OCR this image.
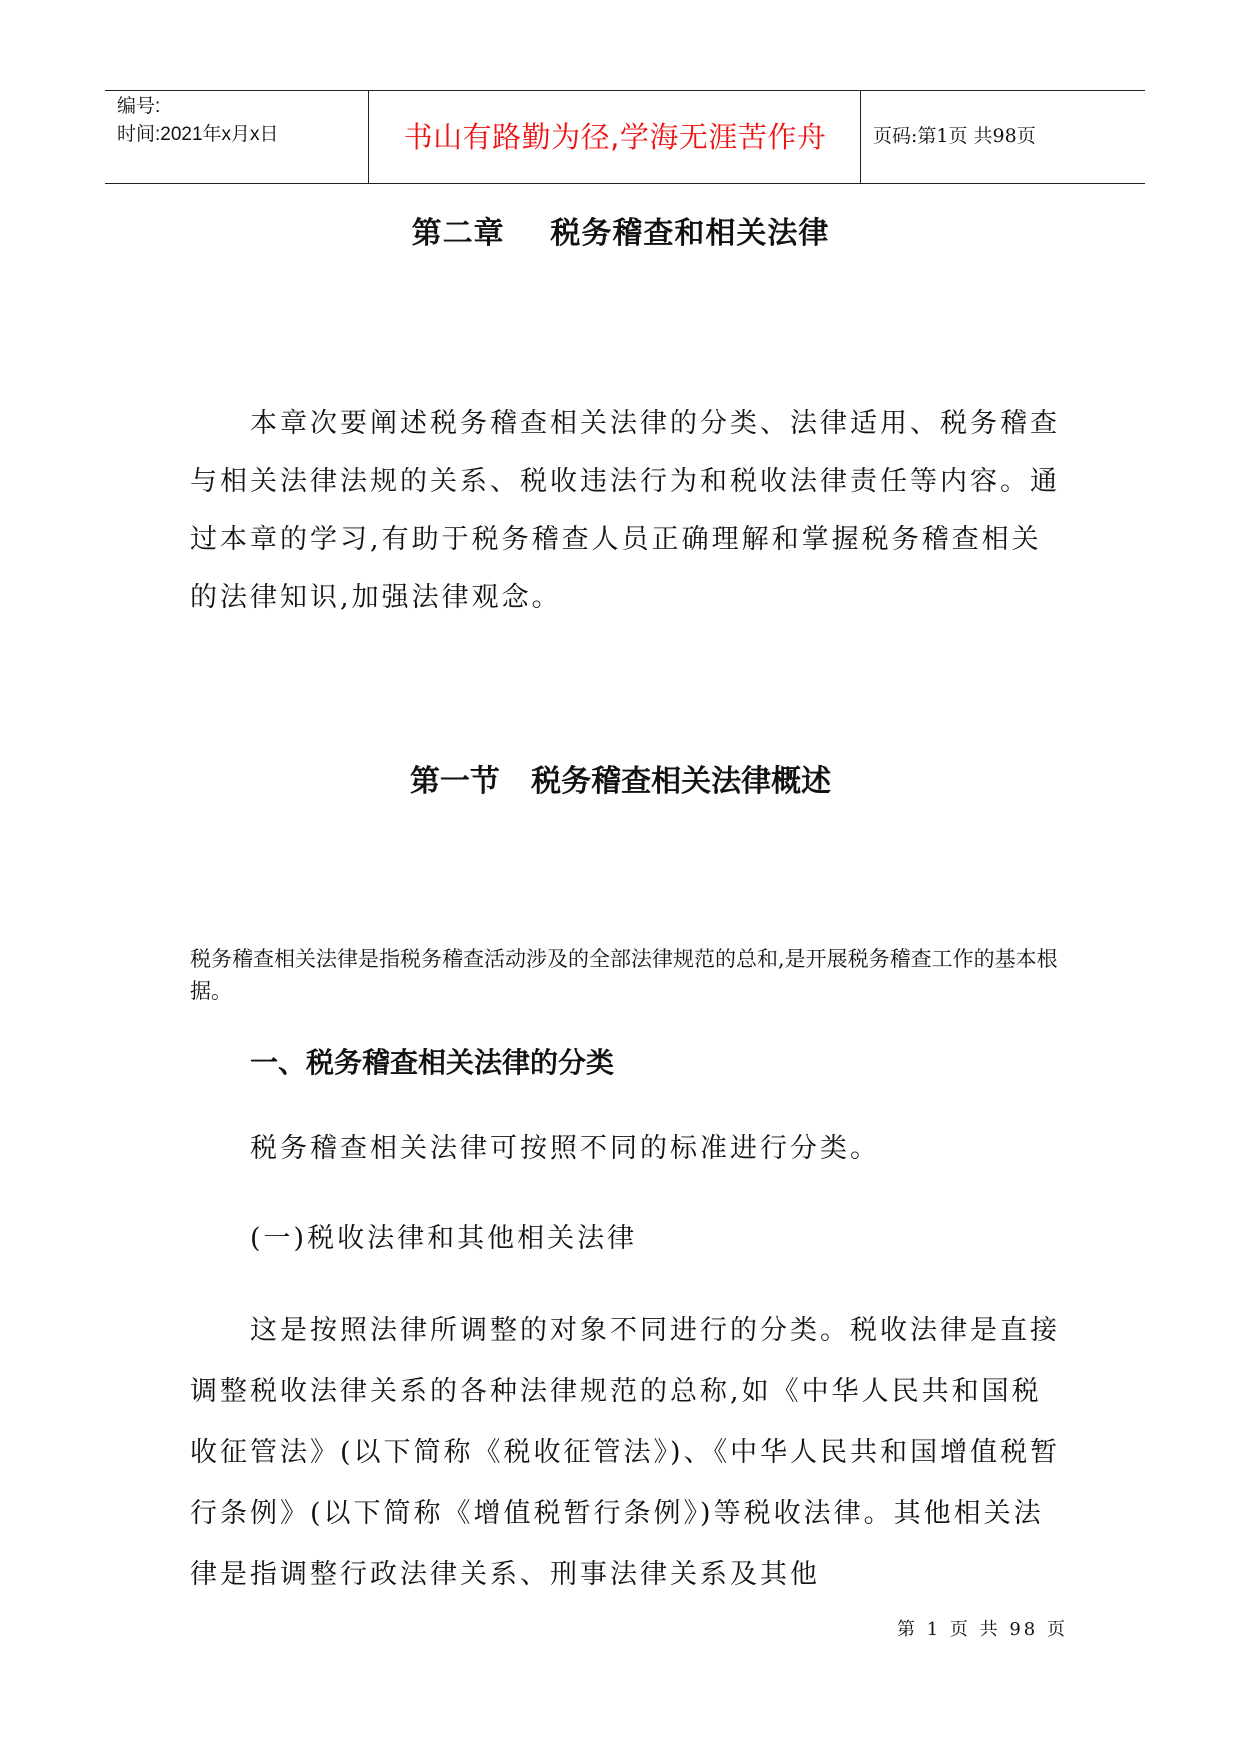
编号:
时间:2021年x月x日	书山有路勤为径,学海无涯苦作舟	页码:第1页 共98页
第二章    税务稽查和相关法律

本章次要阐述税务稽查相关法律的分类、法律适用、税务稽查与相关法律法规的关系、税收违法行为和税收法律责任等内容。通过本章的学习,有助于税务稽查人员正确理解和掌握税务稽查相关的法律知识,加强法律观念。

第一节   税务稽查相关法律概述

税务稽查相关法律是指税务稽查活动涉及的全部法律规范的总和,是开展税务稽查工作的基本根据。

一、税务稽查相关法律的分类

税务稽查相关法律可按照不同的标准进行分类。

(一)税收法律和其他相关法律

这是按照法律所调整的对象不同进行的分类。税收法律是直接调整税收法律关系的各种法律规范的总称,如《中华人民共和国税收征管法》(以下简称《税收征管法》)、《中华人民共和国增值税暂行条例》(以下简称《增值税暂行条例》)等税收法律。其他相关法律是指调整行政法律关系、刑事法律关系及其他

第 1 页 共 98 页
